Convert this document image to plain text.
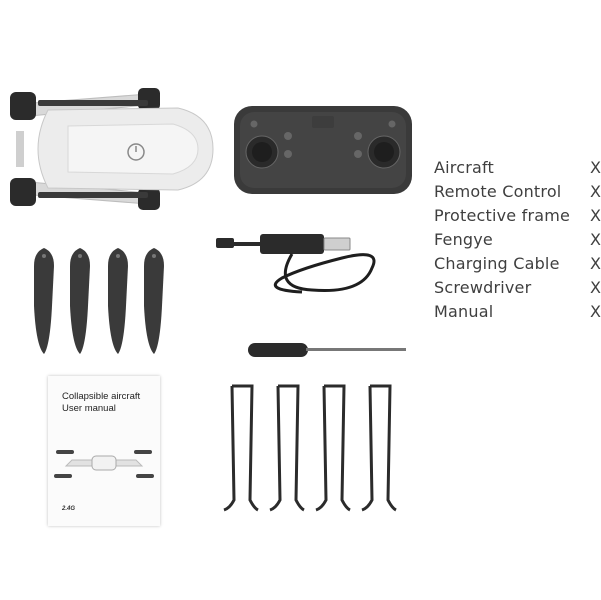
Collapsible aircraft
User manual
2.4G
Aircraft	X
Remote Control X
Protective frame X
Fengye	X
Charging Cable X
Screwdriver	X
Manual	X
